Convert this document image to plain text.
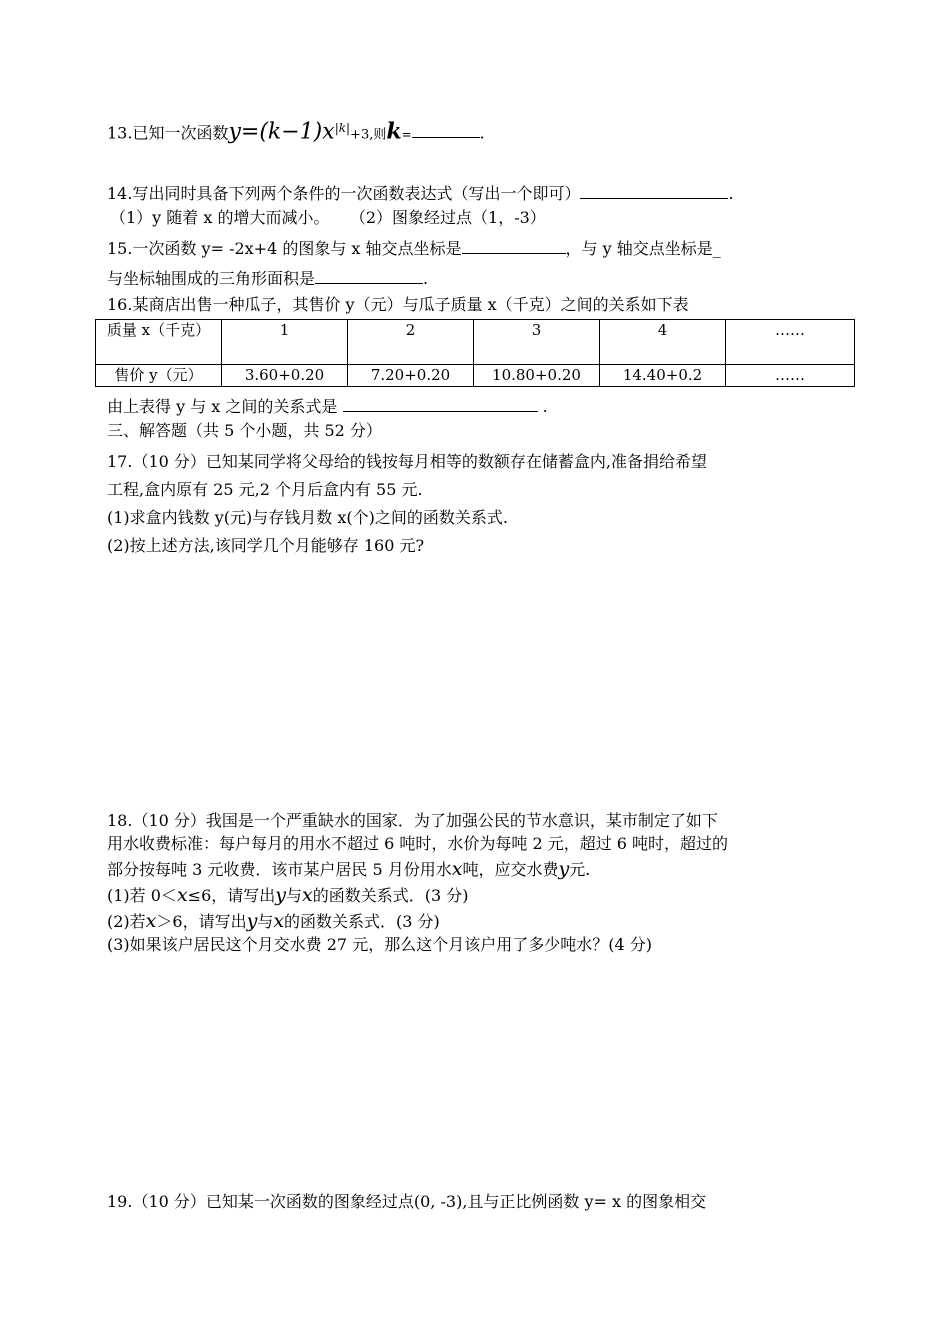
13.已知一次函数$y=(k-1)x^{|k|}+3$,则k=	.
14.写出同时具备下列两个条件的一次函数表达式（写出一个即可）	.
（1）y 随着 x 的增大而减小。    （2）图象经过点（1，-3）
15.一次函数 y= -2x+4 的图象与 x 轴交点坐标是	，与 y 轴交点坐标是_
与坐标轴围成的三角形面积是	.
16.某商店出售一种瓜子，其售价 y（元）与瓜子质量 x（千克）之间的关系如下表
质量 x（千克）	1	2	3	4	……
售价 y（元）	3.60+0.20	7.20+0.20	10.80+0.20	14.40+0.2	……
由上表得 y 与 x 之间的关系式是	.
三、解答题（共 5 个小题，共 52 分）
17.（10 分）已知某同学将父母给的钱按每月相等的数额存在储蓄盒内,准备捐给希望
工程,盒内原有 25 元,2 个月后盒内有 55 元.
(1)求盒内钱数 y(元)与存钱月数 x(个)之间的函数关系式.
(2)按上述方法,该同学几个月能够存 160 元?
18.（10 分）我国是一个严重缺水的国家．为了加强公民的节水意识，某市制定了如下
用水收费标准：每户每月的用水不超过 6 吨时，水价为每吨 2 元，超过 6 吨时，超过的
部分按每吨 3 元收费．该市某户居民 5 月份用水x吨，应交水费y元.
(1)若 0＜x≤6，请写出y与x的函数关系式．(3 分)
(2)若x＞6，请写出y与x的函数关系式．(3 分)
(3)如果该户居民这个月交水费 27 元，那么这个月该户用了多少吨水？(4 分)
19.（10 分）已知某一次函数的图象经过点(0, -3),且与正比例函数 y= x 的图象相交
